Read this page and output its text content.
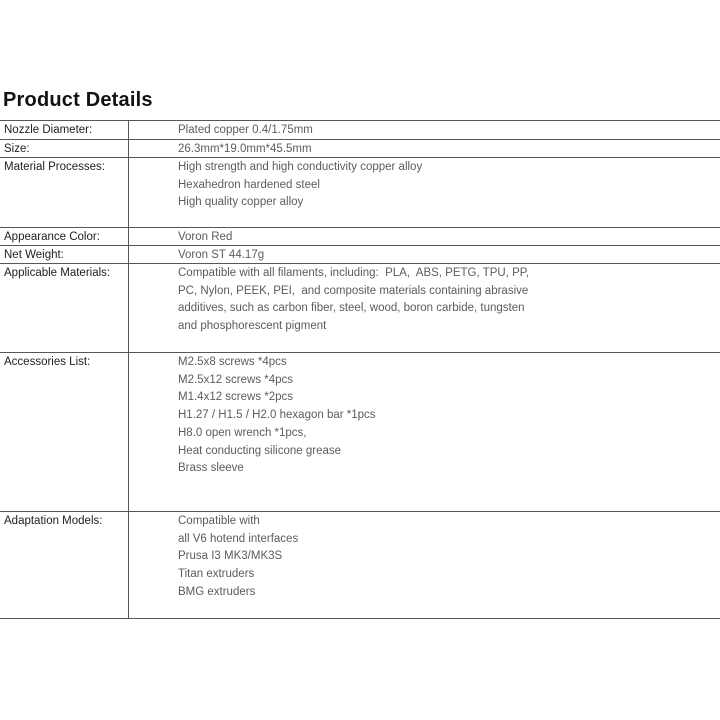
Product Details
Nozzle Diameter:	Plated copper 0.4/1.75mm
Size:	26.3mm*19.0mm*45.5mm
Material Processes:	High strength and high conductivity copper alloy
Hexahedron hardened steel
High quality copper alloy
Appearance Color:	Voron Red
Net Weight:	Voron ST 44.17g
Applicable Materials:	Compatible with all filaments, including:  PLA,  ABS, PETG, TPU, PP,
PC, Nylon, PEEK, PEI,  and composite materials containing abrasive
additives, such as carbon fiber, steel, wood, boron carbide, tungsten
and phosphorescent pigment
Accessories List:	M2.5x8 screws *4pcs
M2.5x12 screws *4pcs
M1.4x12 screws *2pcs
H1.27 / H1.5 / H2.0 hexagon bar *1pcs
H8.0 open wrench *1pcs,
Heat conducting silicone grease
Brass sleeve
Adaptation Models:	Compatible with
all V6 hotend interfaces
Prusa I3 MK3/MK3S
Titan extruders
BMG extruders
